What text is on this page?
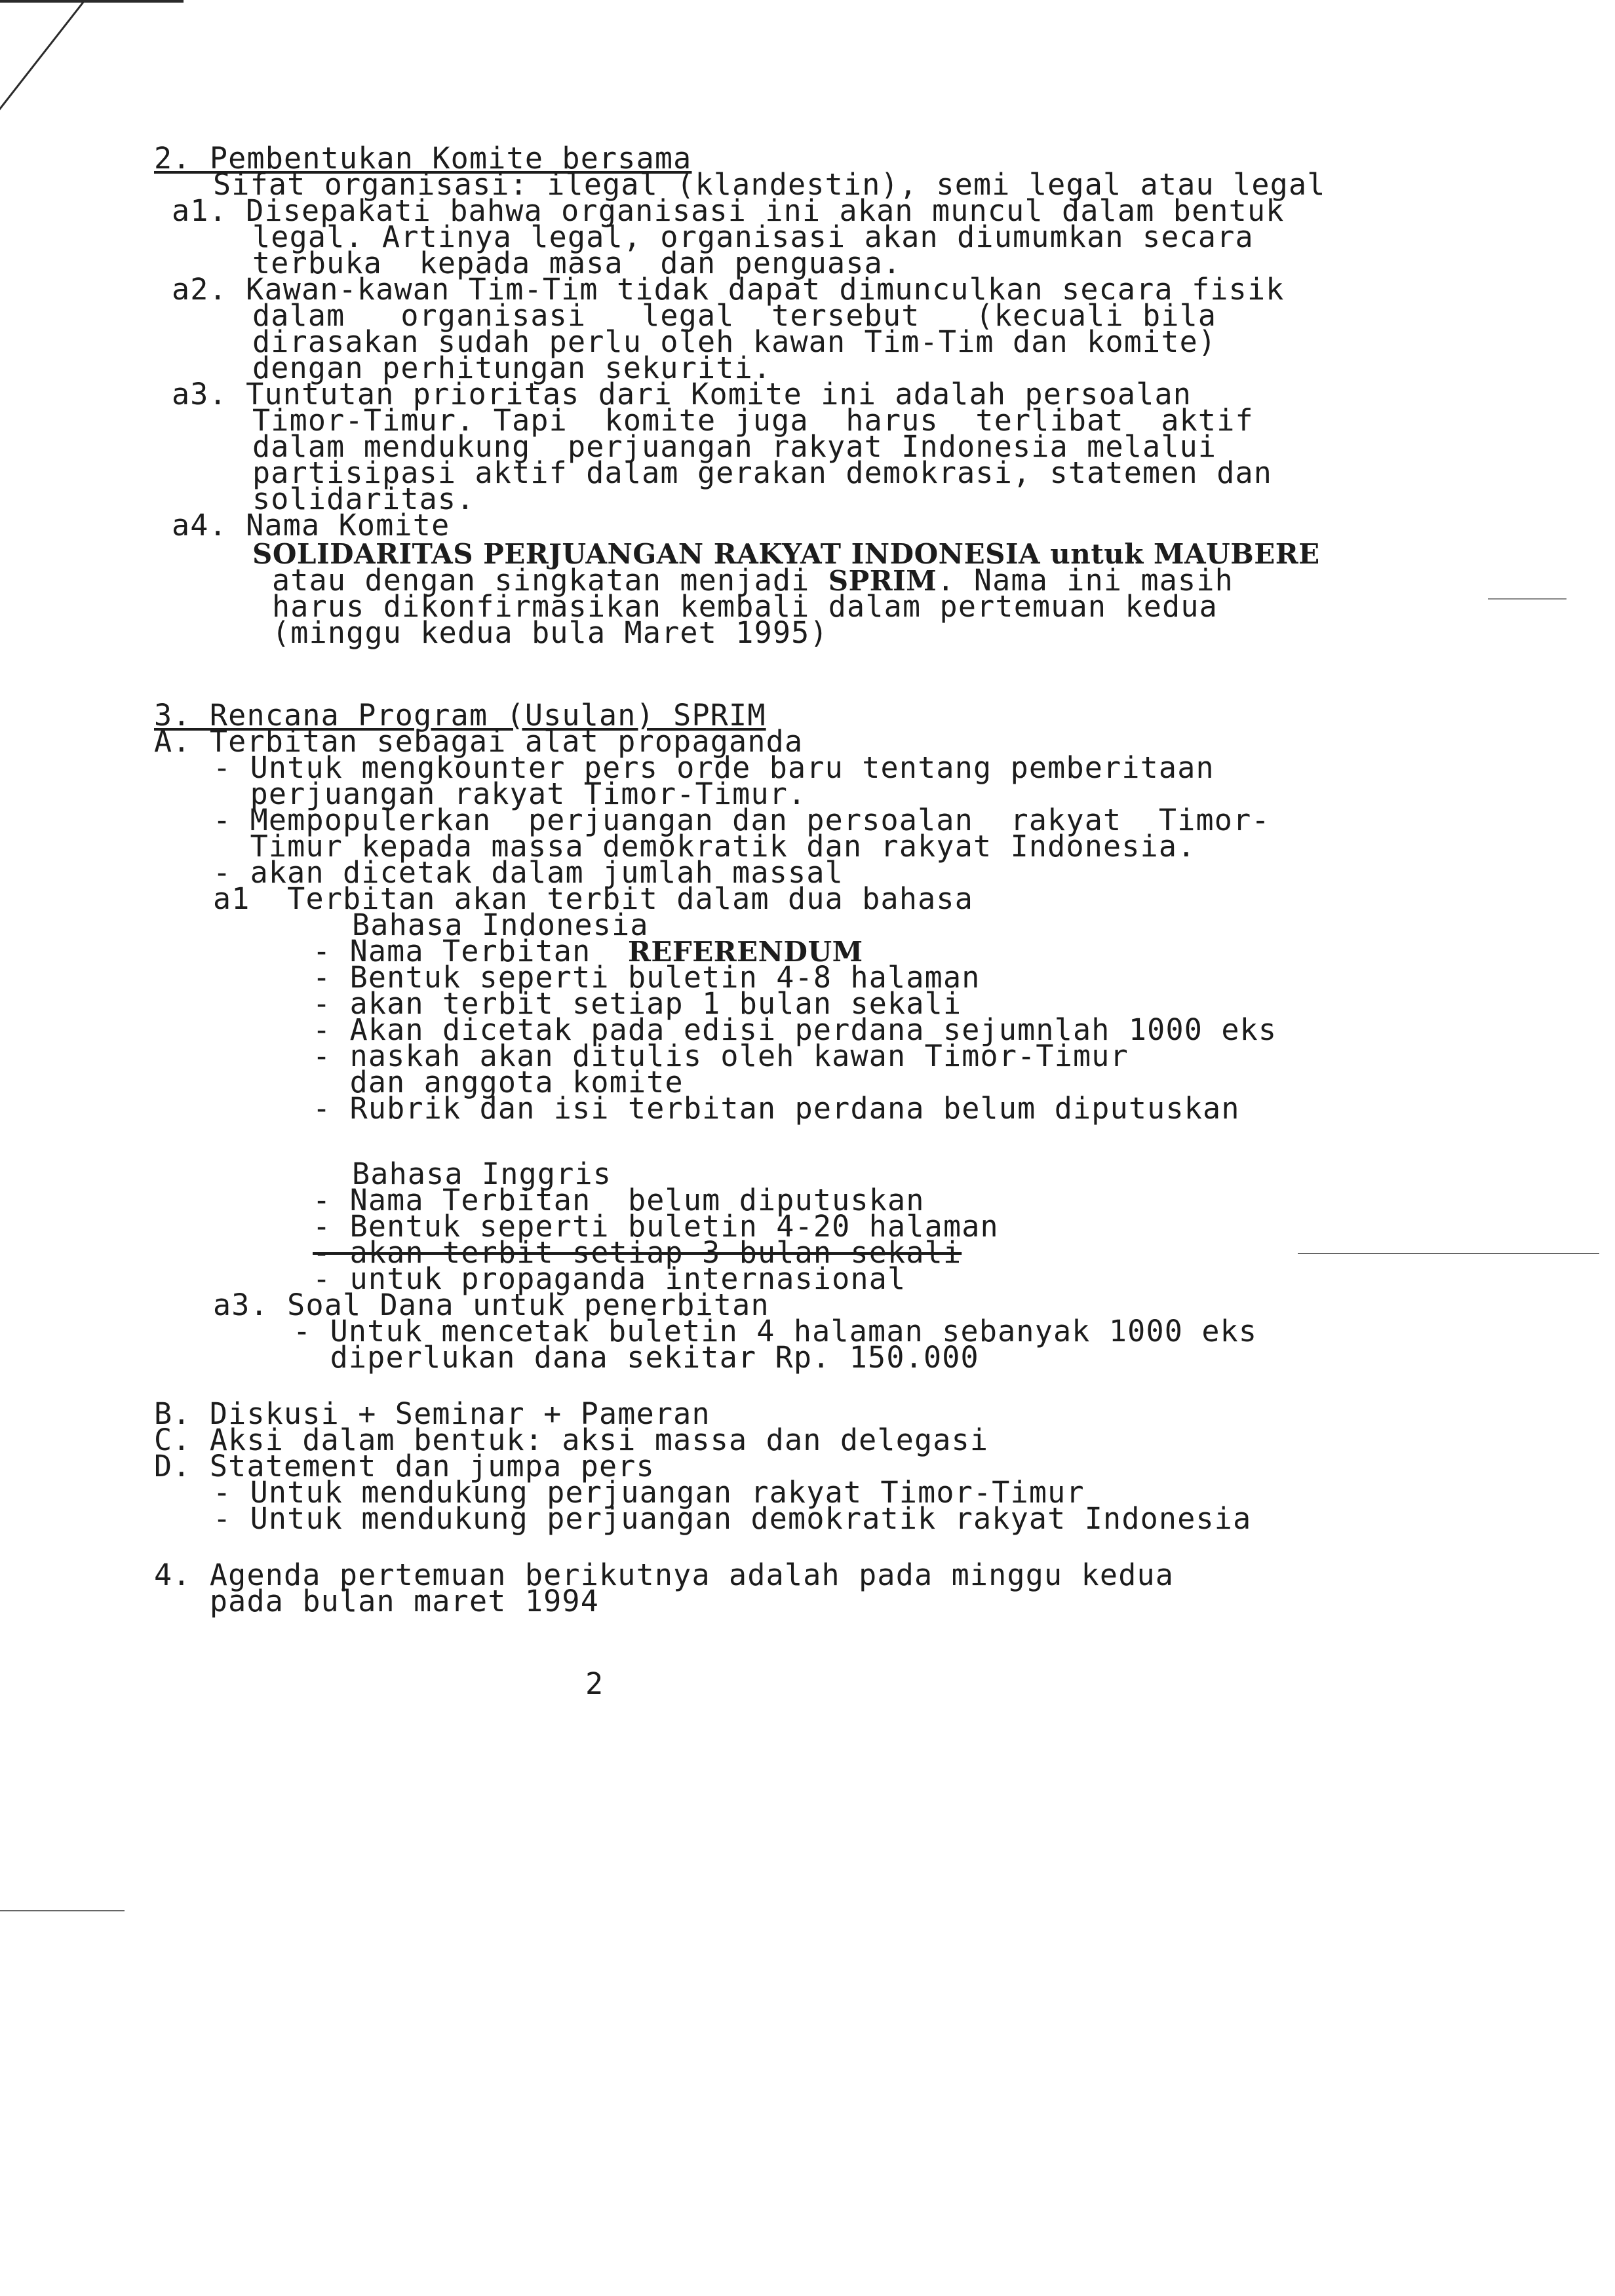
2. Pembentukan Komite bersama
Sifat organisasi: ilegal (klandestin), semi legal atau legal
a1. Disepakati bahwa organisasi ini akan muncul dalam bentuk
legal. Artinya legal, organisasi akan diumumkan secara
terbuka  kepada masa  dan penguasa.
a2. Kawan-kawan Tim-Tim tidak dapat dimunculkan secara fisik
dalam   organisasi   legal  tersebut   (kecuali bila
dirasakan sudah perlu oleh kawan Tim-Tim dan komite)
dengan perhitungan sekuriti.
a3. Tuntutan prioritas dari Komite ini adalah persoalan
Timor-Timur. Tapi  komite juga  harus  terlibat  aktif
dalam mendukung  perjuangan rakyat Indonesia melalui
partisipasi aktif dalam gerakan demokrasi, statemen dan
solidaritas.
a4. Nama Komite
SOLIDARITAS PERJUANGAN RAKYAT INDONESIA untuk MAUBERE
atau dengan singkatan menjadi SPRIM. Nama ini masih
harus dikonfirmasikan kembali dalam pertemuan kedua
(minggu kedua bula Maret 1995)
3. Rencana Program (Usulan) SPRIM
A. Terbitan sebagai alat propaganda
- Untuk mengkounter pers orde baru tentang pemberitaan
perjuangan rakyat Timor-Timur.
- Mempopulerkan  perjuangan dan persoalan  rakyat  Timor-
Timur kepada massa demokratik dan rakyat Indonesia.
- akan dicetak dalam jumlah massal
a1  Terbitan akan terbit dalam dua bahasa
Bahasa Indonesia
- Nama Terbitan  REFERENDUM
- Bentuk seperti buletin 4-8 halaman
- akan terbit setiap 1 bulan sekali
- Akan dicetak pada edisi perdana sejumnlah 1000 eks
- naskah akan ditulis oleh kawan Timor-Timur
dan anggota komite
- Rubrik dan isi terbitan perdana belum diputuskan
Bahasa Inggris
- Nama Terbitan  belum diputuskan
- Bentuk seperti buletin 4-20 halaman
- akan terbit setiap 3 bulan sekali
- untuk propaganda internasional
a3. Soal Dana untuk penerbitan
- Untuk mencetak buletin 4 halaman sebanyak 1000 eks
diperlukan dana sekitar Rp. 150.000
B. Diskusi + Seminar + Pameran
C. Aksi dalam bentuk: aksi massa dan delegasi
D. Statement dan jumpa pers
- Untuk mendukung perjuangan rakyat Timor-Timur
- Untuk mendukung perjuangan demokratik rakyat Indonesia
4. Agenda pertemuan berikutnya adalah pada minggu kedua
pada bulan maret 1994
2
